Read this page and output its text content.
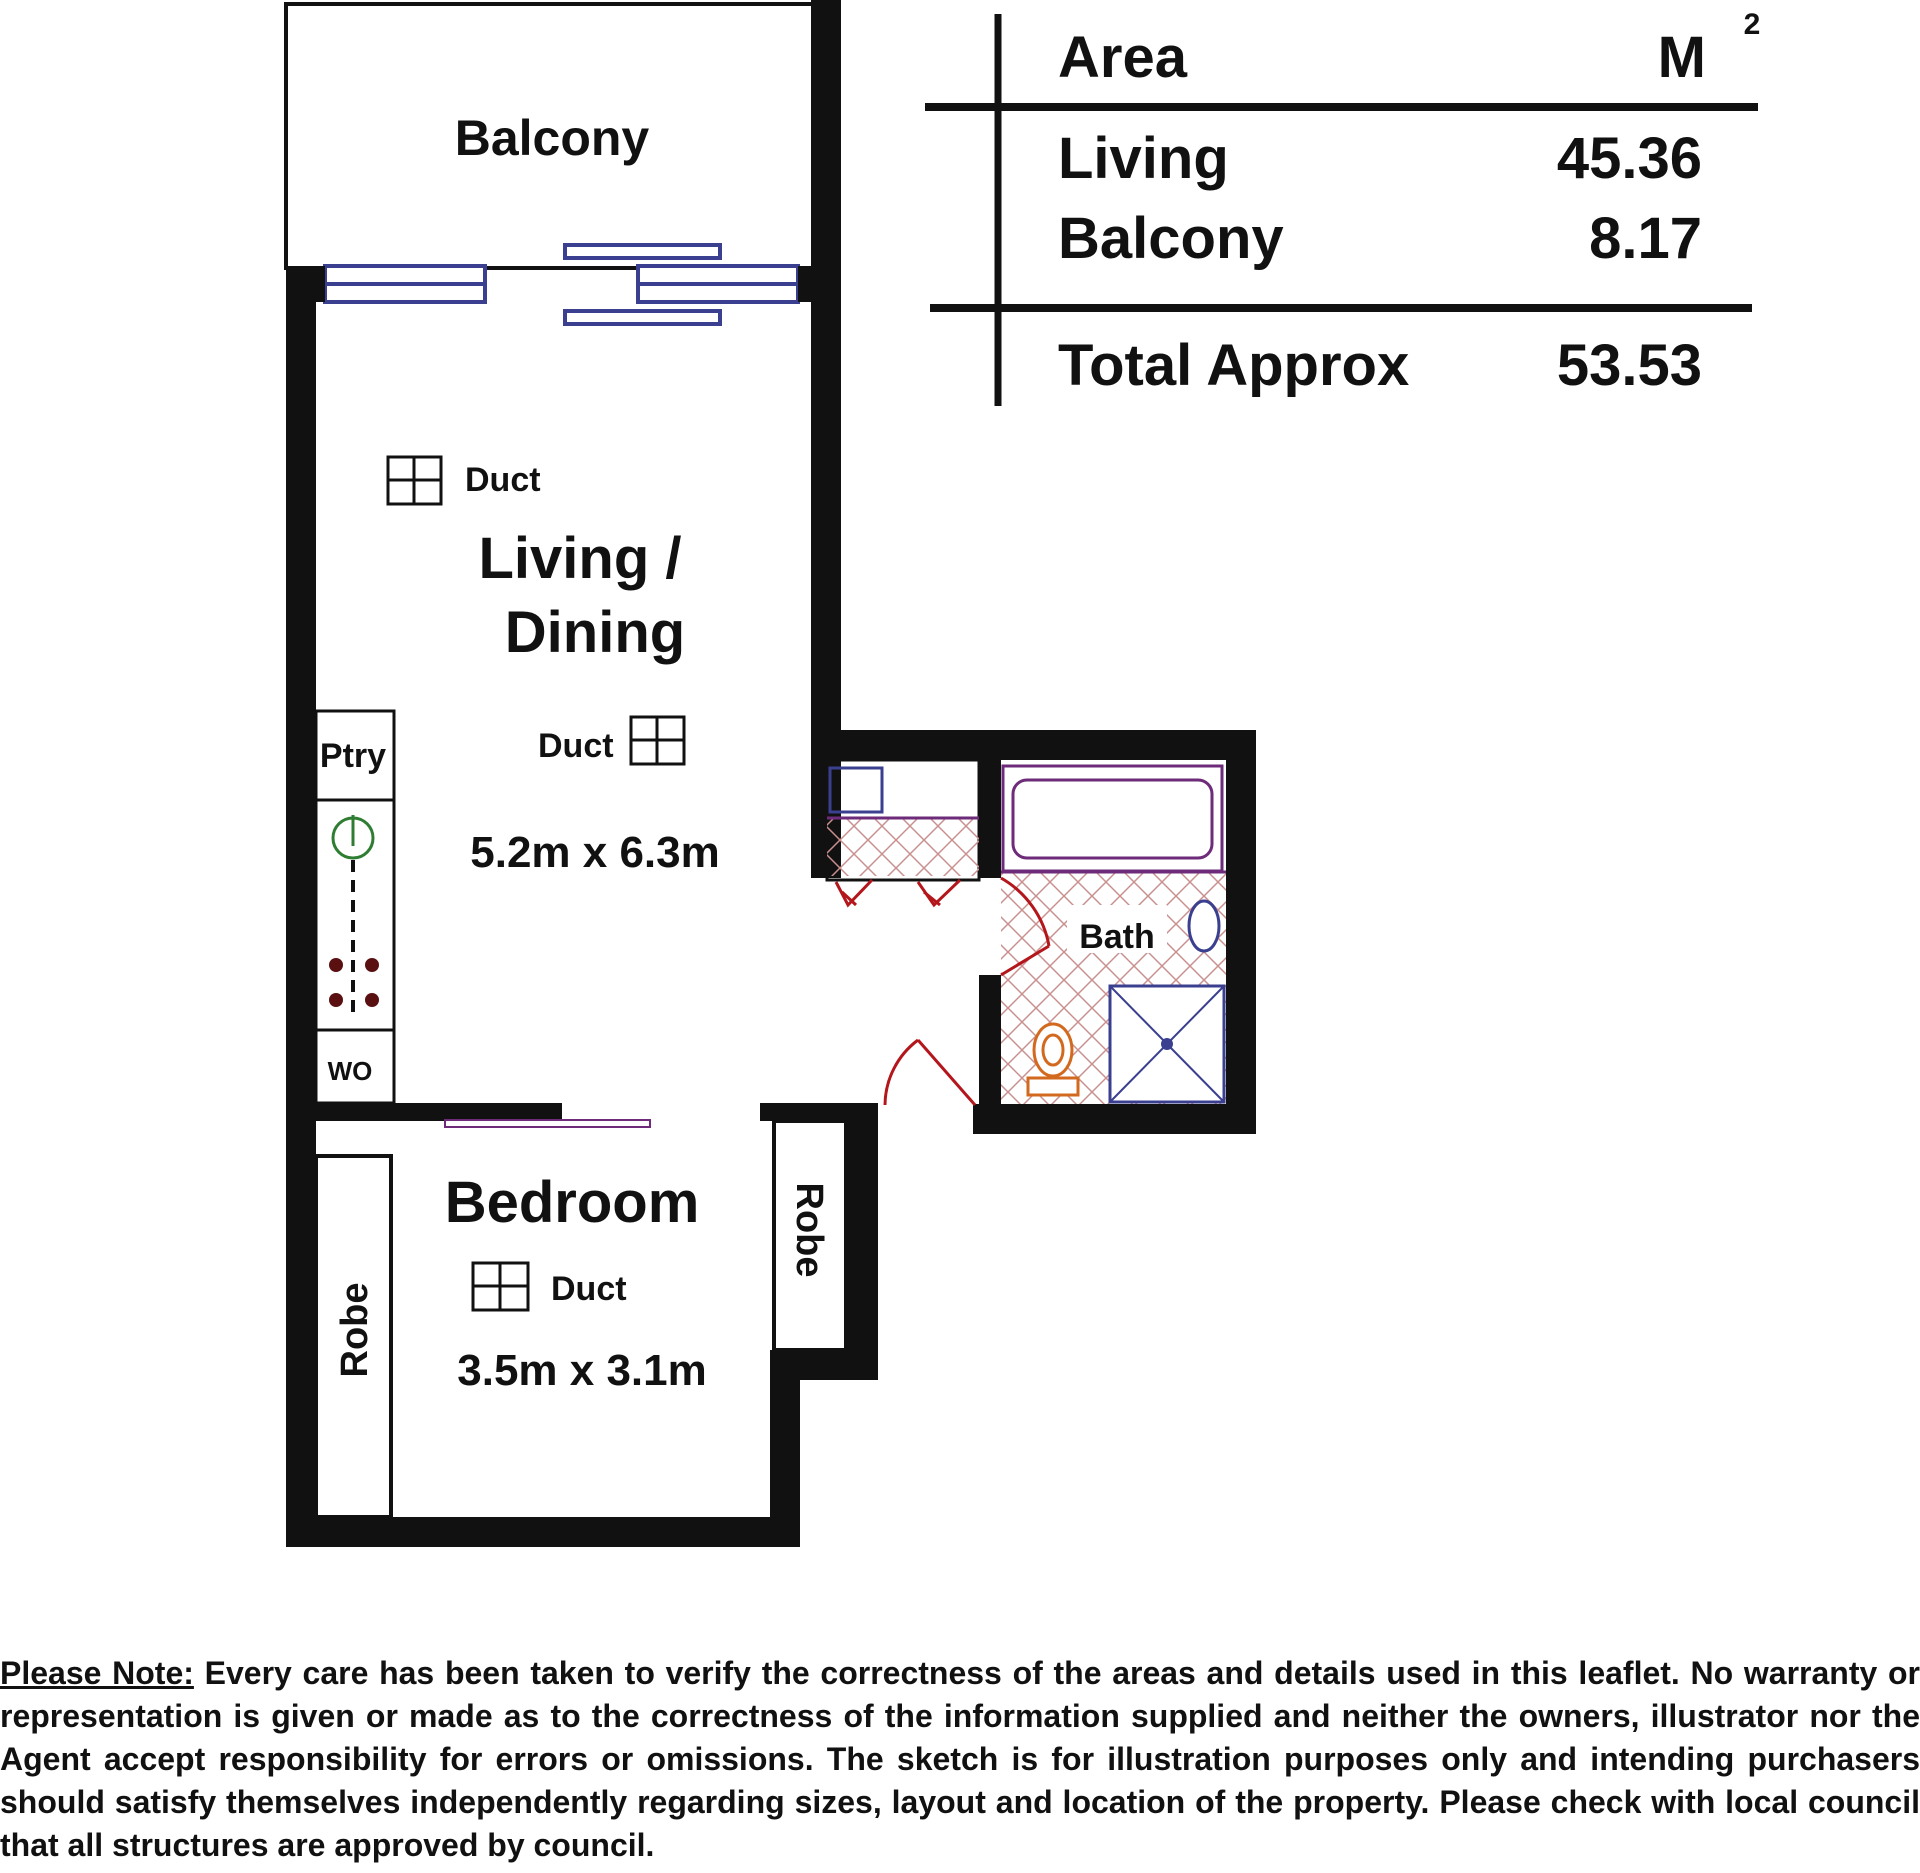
Area	M
2
Living	45.36
Balcony	8.17
Total Approx	53.53
Balcony
Living /
Dining
5.2m x 6.3m
Duct
Duct
Ptry
WO
Bath
Robe
Robe
Bedroom
Duct
3.5m x 3.1m
Please Note: Every care has been taken to verify the correctness of the areas and details used in this leaflet. No warranty or representation is given or made as to the correctness of the information supplied and neither the owners, illustrator nor the Agent accept responsibility for errors or omissions. The sketch is for illustration purposes only and intending purchasers should satisfy themselves independently regarding sizes, layout and location of the property. Please check with local council that all structures are approved by council.
